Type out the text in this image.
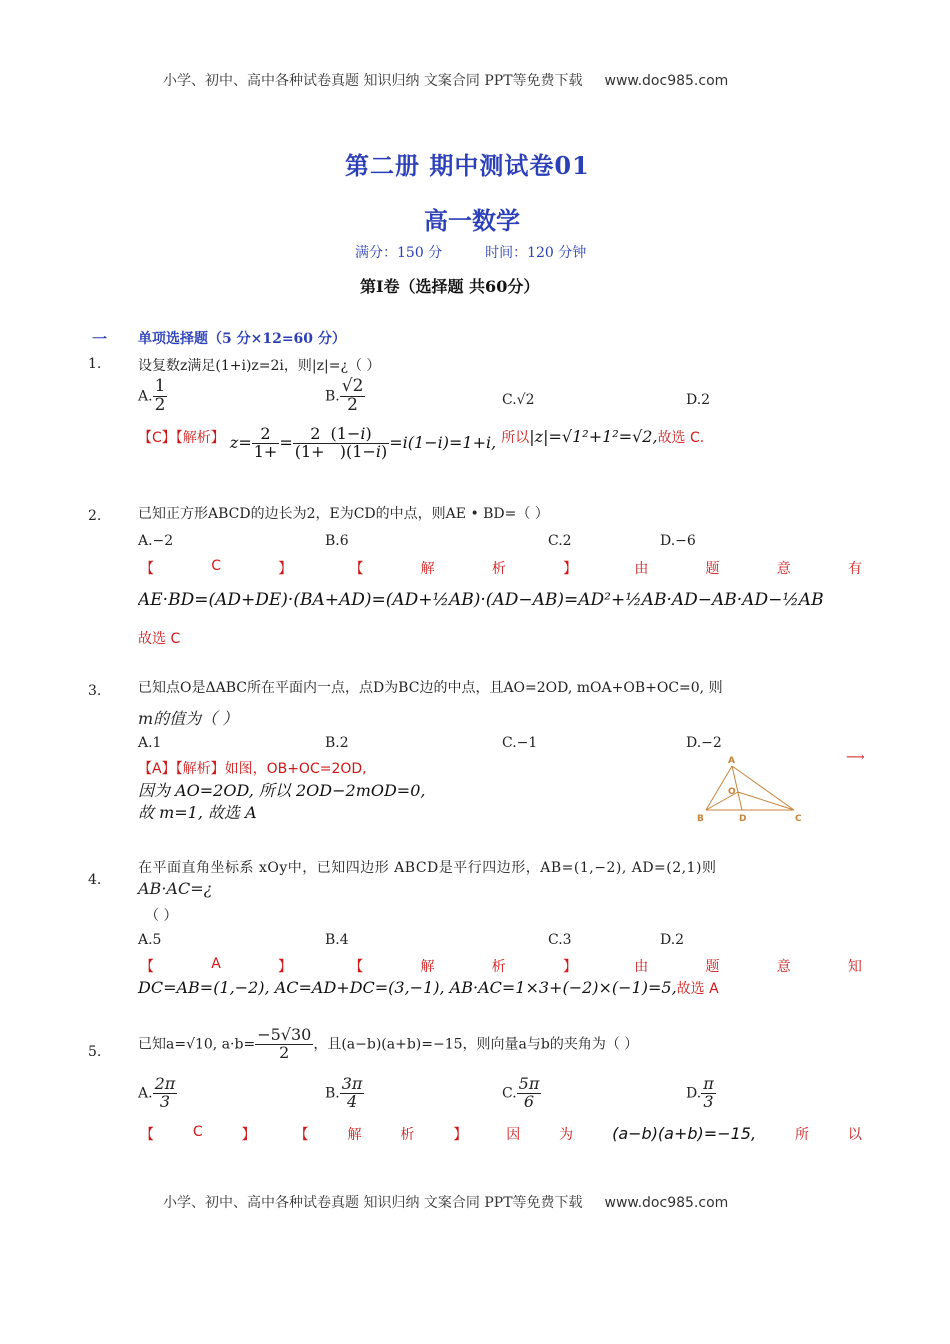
小学、初中、高中各种试卷真题 知识归纳 文案合同 PPT等免费下载 www.doc985.com
第二册 期中测试卷01
高一数学
满分：150 分	时间：120 分钟
第Ⅰ卷（选择题 共60分）
一 单项选择题（5 分×12=60 分）
1.	设复数z满足(1+i)z=2i，则|z|=¿（ ）
A. $\frac{1}{2}$	B. $\frac{√2}{2}$	C.√2	D.2
【C】【解析】 $z= \frac{2}{1+} = \frac{2 (1-i)}{(1+ )(1-i)} =i(1-i)=1+i$, 所以|z|=√1²+1²=√2,故选 C.
2.	已知正方形ABCD的边长为2，E为CD的中点，则AE • BD=（ ）
A.−2	B.6	C.2	D.−6
【	C	】	【	解	析	】	由	题	意	有
AE·BD=(AD+DE)·(BA+AD)=(AD+½AB)·(AD−AB)=AD²+½AB·AD−AB·AD−½AB
故选 C
3.	已知点O是ΔABC所在平面内一点，点D为BC边的中点，且AO=2OD, mOA+OB+OC=0, 则
m的值为（ ）
A.1	B.2	C.−1	D.−2
【A】【解析】如图，OB+OC=2OD,
因为 AO=2OD, 所以 2OD−2mOD=0,
故 m=1, 故选 A
⟶
A
B	C
D
O
4.
在平面直角坐标系 xOy中，已知四边形 ABCD是平行四边形，AB=(1,−2), AD=(2,1)则
AB·AC=¿
（ ）
A.5	B.4	C.3	D.2
【	A	】	【	解	析	】	由	题	意	知
DC=AB=(1,−2), AC=AD+DC=(3,−1), AB·AC=1×3+(−2)×(−1)=5,故选 A
5.	已知a=√10, $a\cdot b= \frac{-5√30}{2}$ ，且(a−b)(a+b)=−15，则向量a与b的夹角为（ ）
A. $\frac{2\pi}{3}$	B. $\frac{3\pi}{4}$	C. $\frac{5\pi}{6}$	D. $\frac{\pi}{3}$
【	C	】	【	解	析	】	因	为 (a−b)(a+b)=−15,	所	以
小学、初中、高中各种试卷真题 知识归纳 文案合同 PPT等免费下载 www.doc985.com
